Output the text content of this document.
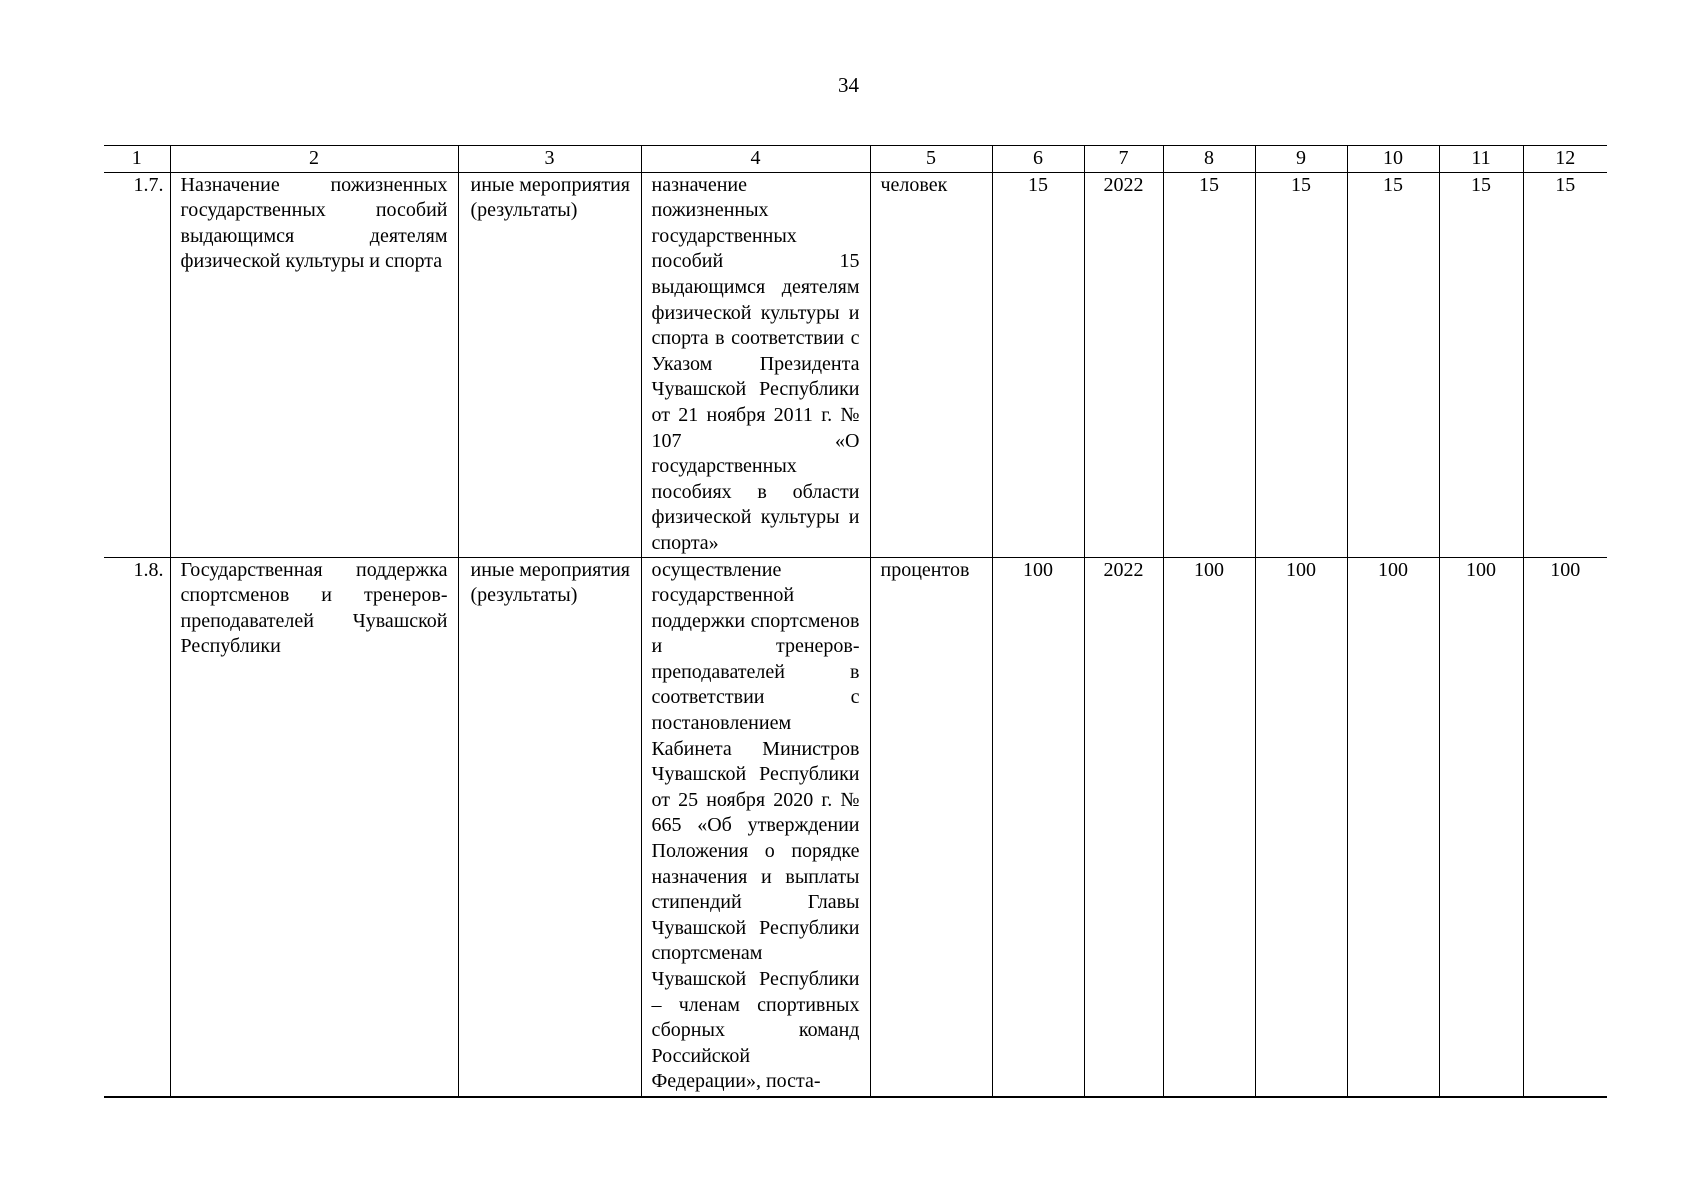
34
1	2	3	4	5	6	7	8	9	10	11	12
1.7.	Назначение пожизненных государственных пособий выдающимся деятелям физической культуры и спорта	иные мероприятия (результаты)	назначение пожизненных государственных пособий 15 выдающимся деятелям физической культуры и спорта в соответствии с Указом Президента Чувашской Республики от 21 ноября 2011 г. № 107 «О государственных пособиях в области физической культуры и спорта»	человек	15	2022	15	15	15	15	15
1.8.	Государственная поддержка спортсменов и тренеров-преподавателей Чувашской Республики	иные мероприятия (результаты)	осуществление государственной поддержки спортсменов и тренеров-преподавателей в соответствии с постановлением Кабинета Министров Чувашской Республики от 25 ноября 2020 г. № 665 «Об утверждении Положения о порядке назначения и выплаты стипендий Главы Чувашской Республики спортсменам Чувашской Республики – членам спортивных сборных команд Российской Федерации», поста-	процентов	100	2022	100	100	100	100	100
